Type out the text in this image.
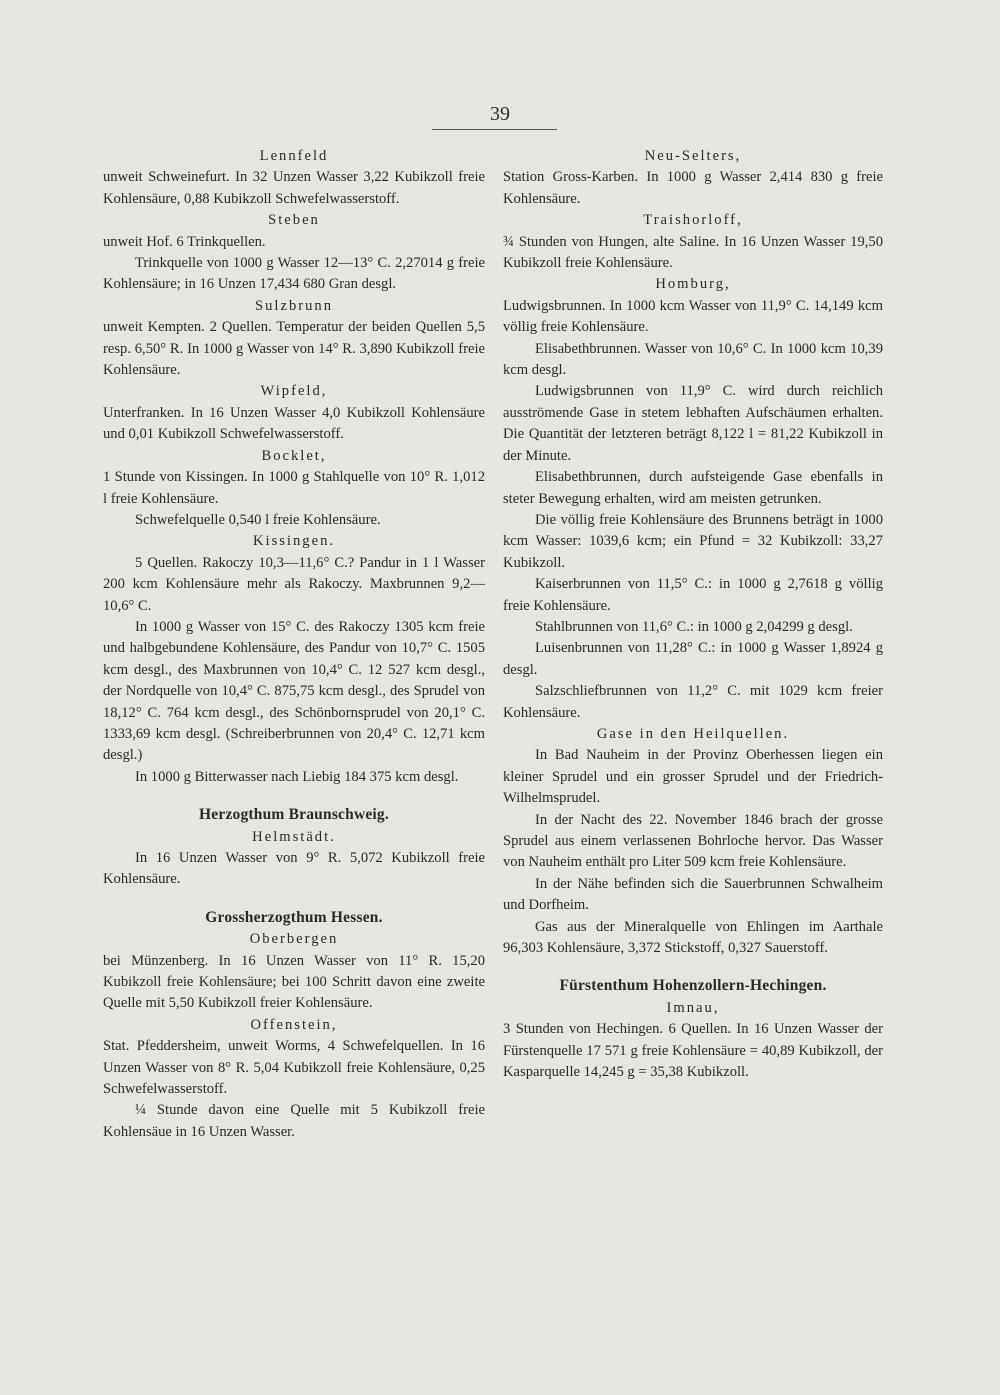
39
Lennfeld

unweit Schweinefurt. In 32 Unzen Wasser 3,22 Kubikzoll freie Kohlensäure, 0,88 Kubikzoll Schwefelwasserstoff.

Steben

unweit Hof. 6 Trinkquellen.

Trinkquelle von 1000 g Wasser 12—13° C. 2,27014 g freie Kohlensäure; in 16 Unzen 17,434 680 Gran desgl.

Sulzbrunn

unweit Kempten. 2 Quellen. Temperatur der beiden Quellen 5,5 resp. 6,50° R. In 1000 g Wasser von 14° R. 3,890 Kubikzoll freie Kohlensäure.

Wipfeld,

Unterfranken. In 16 Unzen Wasser 4,0 Kubikzoll Kohlensäure und 0,01 Kubikzoll Schwefelwasserstoff.

Bocklet,

1 Stunde von Kissingen. In 1000 g Stahlquelle von 10° R. 1,012 l freie Kohlensäure.

Schwefelquelle 0,540 l freie Kohlensäure.

Kissingen.

5 Quellen. Rakoczy 10,3—11,6° C.? Pandur in 1 l Wasser 200 kcm Kohlensäure mehr als Rakoczy. Maxbrunnen 9,2—10,6° C.

In 1000 g Wasser von 15° C. des Rakoczy 1305 kcm freie und halbgebundene Kohlensäure, des Pandur von 10,7° C. 1505 kcm desgl., des Maxbrunnen von 10,4° C. 12 527 kcm desgl., der Nordquelle von 10,4° C. 875,75 kcm desgl., des Sprudel von 18,12° C. 764 kcm desgl., des Schönbornsprudel von 20,1° C. 1333,69 kcm desgl. (Schreiberbrunnen von 20,4° C. 12,71 kcm desgl.)

In 1000 g Bitterwasser nach Liebig 184 375 kcm desgl.

Herzogthum Braunschweig.
Helmstädt.

In 16 Unzen Wasser von 9° R. 5,072 Kubikzoll freie Kohlensäure.

Grossherzogthum Hessen.
Oberbergen

bei Münzenberg. In 16 Unzen Wasser von 11° R. 15,20 Kubikzoll freie Kohlensäure; bei 100 Schritt davon eine zweite Quelle mit 5,50 Kubikzoll freier Kohlensäure.

Offenstein,

Stat. Pfeddersheim, unweit Worms, 4 Schwefelquellen. In 16 Unzen Wasser von 8° R. 5,04 Kubikzoll freie Kohlensäure, 0,25 Schwefelwasserstoff.

¼ Stunde davon eine Quelle mit 5 Kubikzoll freie Kohlensäue in 16 Unzen Wasser.

Neu-Selters,

Station Gross-Karben. In 1000 g Wasser 2,414 830 g freie Kohlensäure.

Traishorloff,

¾ Stunden von Hungen, alte Saline. In 16 Unzen Wasser 19,50 Kubikzoll freie Kohlensäure.

Homburg,

Ludwigsbrunnen. In 1000 kcm Wasser von 11,9° C. 14,149 kcm völlig freie Kohlensäure.

Elisabethbrunnen. Wasser von 10,6° C. In 1000 kcm 10,39 kcm desgl.

Ludwigsbrunnen von 11,9° C. wird durch reichlich ausströmende Gase in stetem lebhaften Aufschäumen erhalten. Die Quantität der letzteren beträgt 8,122 l = 81,22 Kubikzoll in der Minute.

Elisabethbrunnen, durch aufsteigende Gase ebenfalls in steter Bewegung erhalten, wird am meisten getrunken.

Die völlig freie Kohlensäure des Brunnens beträgt in 1000 kcm Wasser: 1039,6 kcm; ein Pfund = 32 Kubikzoll: 33,27 Kubikzoll.

Kaiserbrunnen von 11,5° C.: in 1000 g 2,7618 g völlig freie Kohlensäure.

Stahlbrunnen von 11,6° C.: in 1000 g 2,04299 g desgl.

Luisenbrunnen von 11,28° C.: in 1000 g Wasser 1,8924 g desgl.

Salzschliefbrunnen von 11,2° C. mit 1029 kcm freier Kohlensäure.

Gase in den Heilquellen.

In Bad Nauheim in der Provinz Oberhessen liegen ein kleiner Sprudel und ein grosser Sprudel und der Friedrich-Wilhelmsprudel.

In der Nacht des 22. November 1846 brach der grosse Sprudel aus einem verlassenen Bohrloche hervor. Das Wasser von Nauheim enthält pro Liter 509 kcm freie Kohlensäure.

In der Nähe befinden sich die Sauerbrunnen Schwalheim und Dorfheim.

Gas aus der Mineralquelle von Ehlingen im Aarthale 96,303 Kohlensäure, 3,372 Stickstoff, 0,327 Sauerstoff.

Fürstenthum Hohenzollern-Hechingen.
Imnau,

3 Stunden von Hechingen. 6 Quellen. In 16 Unzen Wasser der Fürstenquelle 17 571 g freie Kohlensäure = 40,89 Kubikzoll, der Kasparquelle 14,245 g = 35,38 Kubikzoll.
